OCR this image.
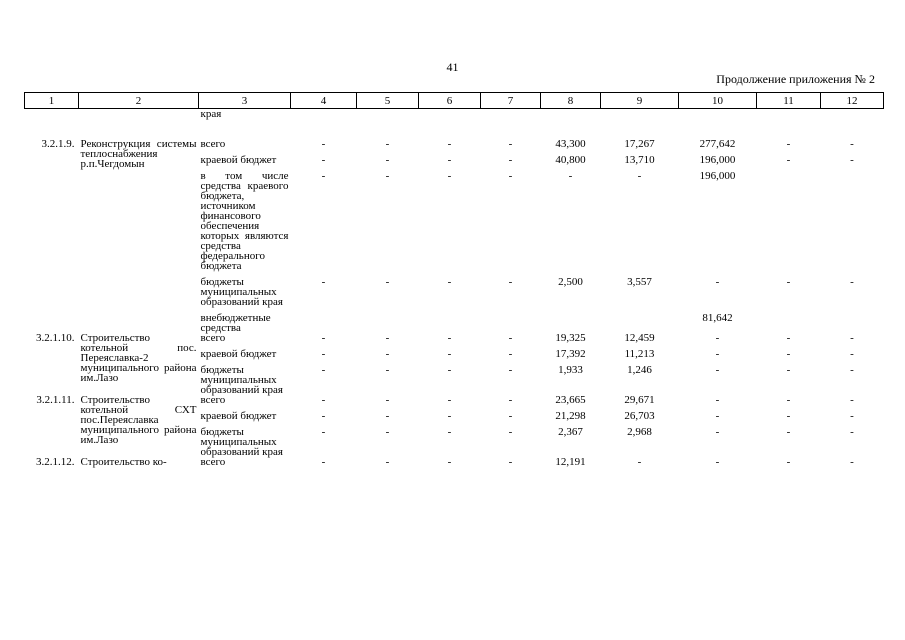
41
Продолжение приложения № 2
1	2	3	4	5	6	7	8	9	10	11	12
		края									

3.2.1.9.	Реконструкция системы теплоснабжения р.п.Чегдомын	всего	-	-	-	-	43,300	17,267	277,642	-	-
		краевой бюджет	-	-	-	-	40,800	13,710	196,000	-	-
		в том числе средства краевого бюджета, источником финансового обеспечения которых являются средства федерального бюджета	-	-	-	-	-	-	196,000		
		бюджеты муниципальных образований края	-	-	-	-	2,500	3,557	-	-	-
		внебюджетные средства							81,642		
3.2.1.10.	Строительство котельной пос. Переяславка-2 муниципального района им.Лазо	всего	-	-	-	-	19,325	12,459	-	-	-
		краевой бюджет	-	-	-	-	17,392	11,213	-	-	-
		бюджеты муниципальных образований края	-	-	-	-	1,933	1,246	-	-	-
3.2.1.11.	Строительство котельной СХТ пос.Переяславка муниципального района им.Лазо	всего	-	-	-	-	23,665	29,671	-	-	-
		краевой бюджет	-	-	-	-	21,298	26,703	-	-	-
		бюджеты муниципальных образований края	-	-	-	-	2,367	2,968	-	-	-
3.2.1.12.	Строительство ко-	всего	-	-	-	-	12,191	-	-	-	-
